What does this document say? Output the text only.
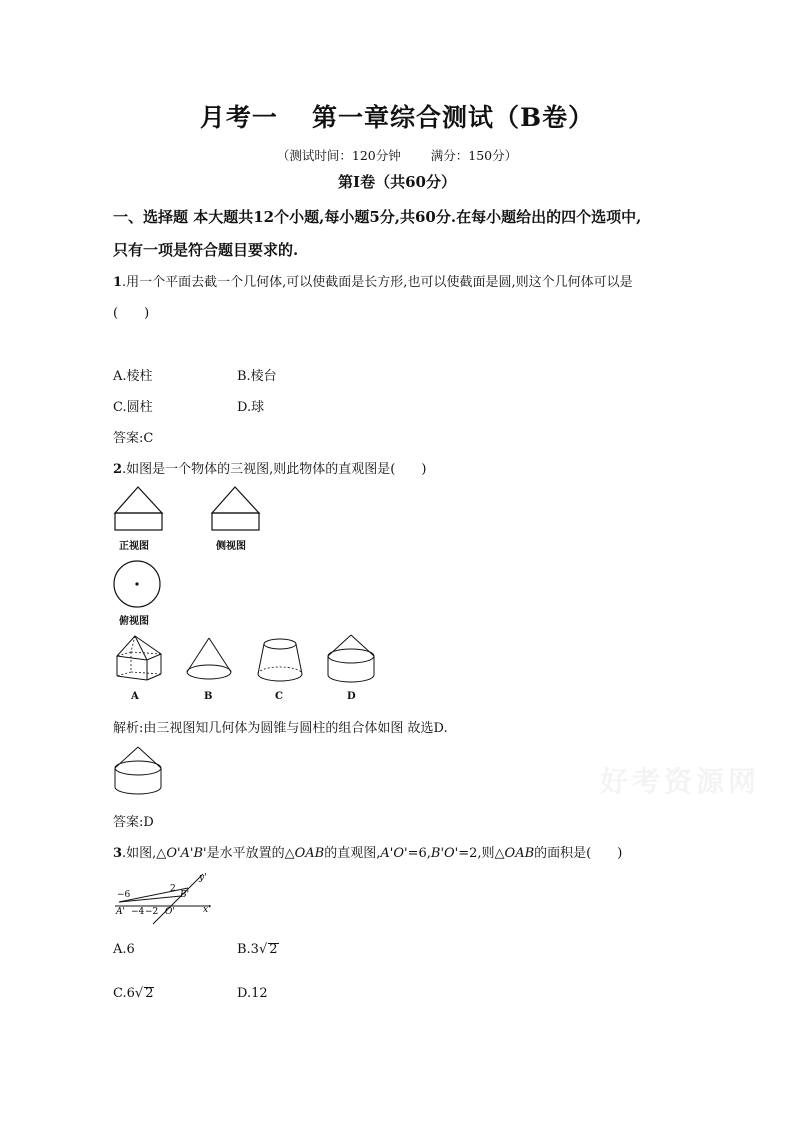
月考一 第一章综合测试（B卷）
（测试时间：120分钟 满分：150分）
第Ⅰ卷（共60分）
一、选择题 本大题共12个小题,每小题5分,共60分.在每小题给出的四个选项中,
只有一项是符合题目要求的.
1.用一个平面去截一个几何体,可以使截面是长方形,也可以使截面是圆,则这个几何体可以是
(　　)
A.棱柱	B.棱台
C.圆柱	D.球
答案:C
2.如图是一个物体的三视图,则此物体的直观图是(　　)
正视图	侧视图
俯视图
A	B	C	D
解析:由三视图知几何体为圆锥与圆柱的组合体如图 故选D.
答案:D
3.如图,△O'A'B'是水平放置的△OAB的直观图,A'O'=6,B'O'=2,则△OAB的面积是(　　)
−6
A' −4 −2 O'
2
B'
y'
x'
A.6	B.3√ 2
C.6√ 2	D.12
好考资源网
